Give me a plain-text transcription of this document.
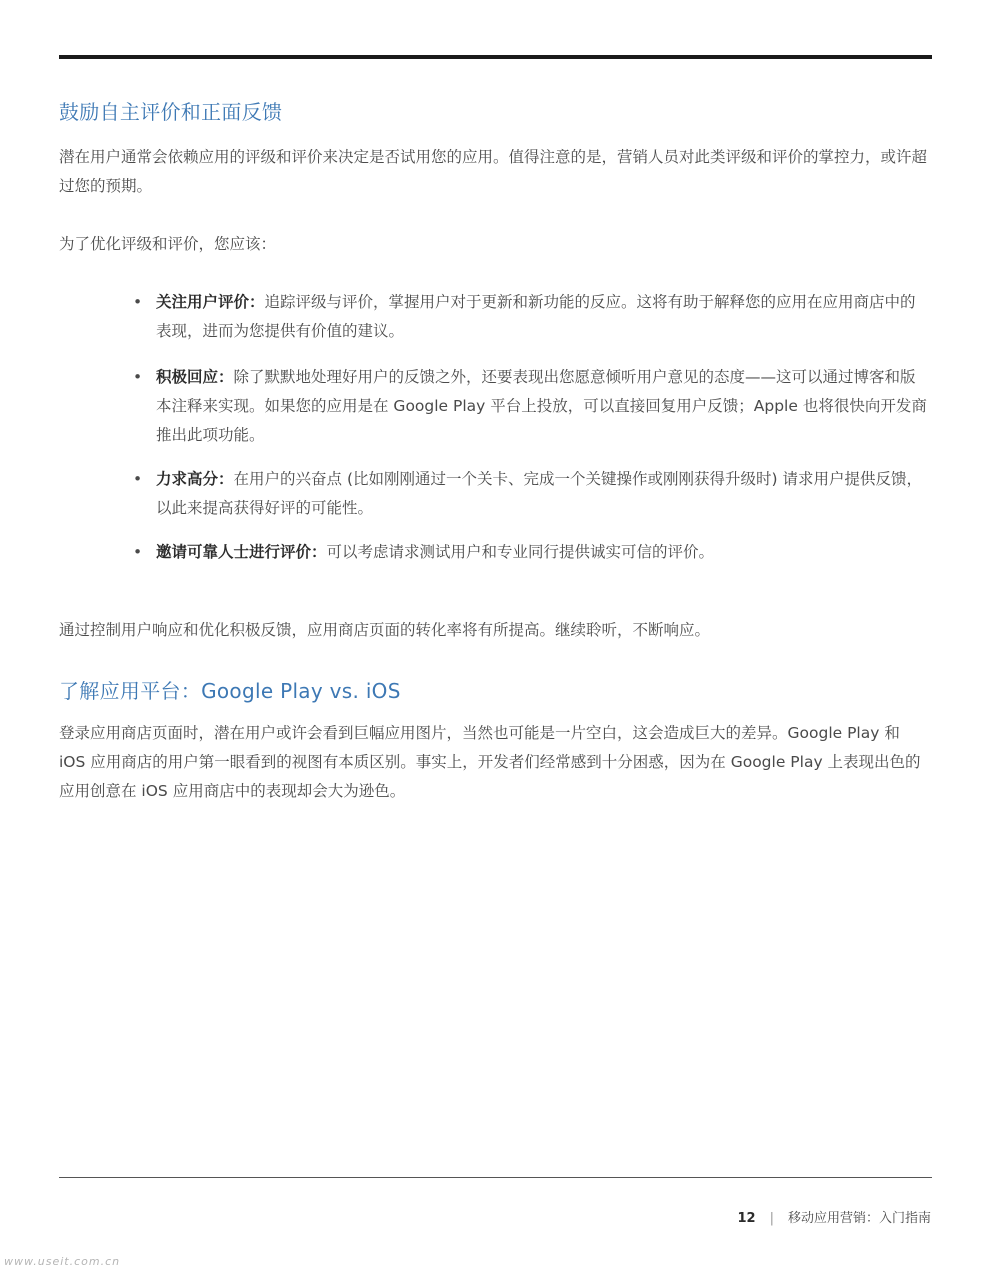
鼓励自主评价和正面反馈

潜在用户通常会依赖应用的评级和评价来决定是否试用您的应用。值得注意的是，营销人员对此类评级和评价的掌控力，或许超过您的预期。

为了优化评级和评价，您应该：

• 关注用户评价：追踪评级与评价，掌握用户对于更新和新功能的反应。这将有助于解释您的应用在应用商店中的表现，进而为您提供有价值的建议。
• 积极回应：除了默默地处理好用户的反馈之外，还要表现出您愿意倾听用户意见的态度——这可以通过博客和版本注释来实现。如果您的应用是在 Google Play 平台上投放，可以直接回复用户反馈；Apple 也将很快向开发商推出此项功能。
• 力求高分：在用户的兴奋点 (比如刚刚通过一个关卡、完成一个关键操作或刚刚获得升级时) 请求用户提供反馈，以此来提高获得好评的可能性。
• 邀请可靠人士进行评价：可以考虑请求测试用户和专业同行提供诚实可信的评价。

通过控制用户响应和优化积极反馈，应用商店页面的转化率将有所提高。继续聆听，不断响应。

了解应用平台：Google Play vs. iOS

登录应用商店页面时，潜在用户或许会看到巨幅应用图片，当然也可能是一片空白，这会造成巨大的差异。Google Play 和 iOS 应用商店的用户第一眼看到的视图有本质区别。事实上，开发者们经常感到十分困惑，因为在 Google Play 上表现出色的应用创意在 iOS 应用商店中的表现却会大为逊色。

12 | 移动应用营销：入门指南
www.useit.com.cn
